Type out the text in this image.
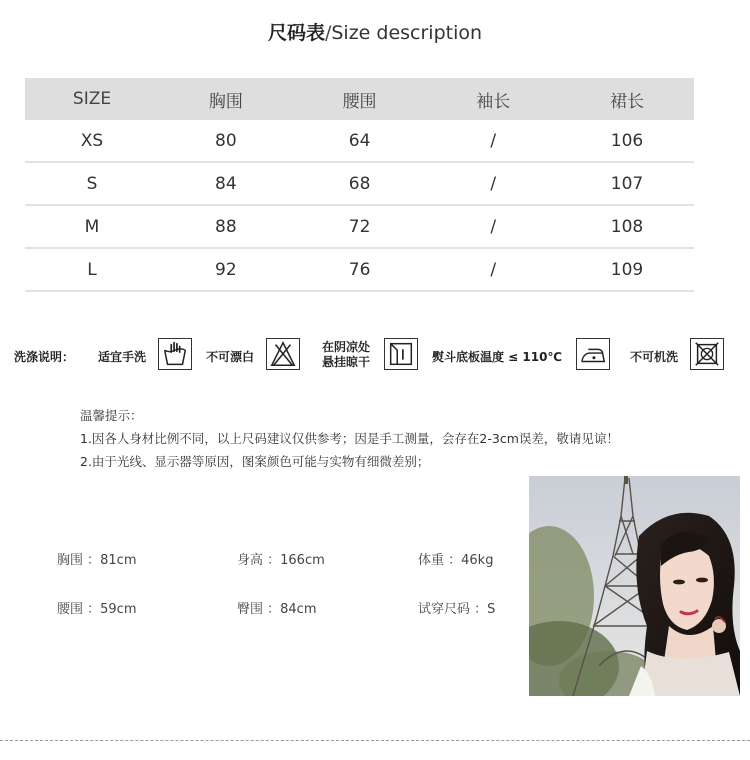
尺码表/Size description
SIZE	胸围	腰围	袖长	裙长
XS	80	64	/	106
S	84	68	/	107
M	88	72	/	108
L	92	76	/	109
洗涤说明： 适宜手洗	不可漂白
在阴凉处
悬挂晾干	熨斗底板温度 ≤ 110℃	不可机洗
温馨提示：
1.因各人身材比例不同，以上尺码建议仅供参考；因是手工测量，会存在2-3cm误差，敬请见谅！
2.由于光线、显示器等原因，图案颜色可能与实物有细微差别；
胸围 ：81cm	身高 ：166cm	体重 ：46kg
腰围 ：59cm	臀围 ：84cm	试穿尺码 ：S
